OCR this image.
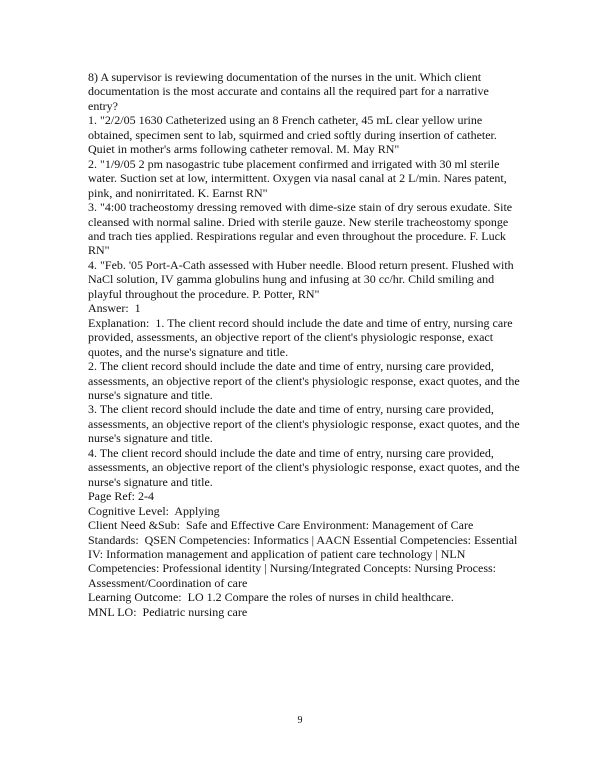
8) A supervisor is reviewing documentation of the nurses in the unit. Which client

documentation is the most accurate and contains all the required part for a narrative

entry?

1. "2/2/05 1630 Catheterized using an 8 French catheter, 45 mL clear yellow urine

obtained, specimen sent to lab, squirmed and cried softly during insertion of catheter.

Quiet in mother's arms following catheter removal. M. May RN"

2. "1/9/05 2 pm nasogastric tube placement confirmed and irrigated with 30 ml sterile

water. Suction set at low, intermittent. Oxygen via nasal canal at 2 L/min. Nares patent,

pink, and nonirritated. K. Earnst RN"

3. "4:00 tracheostomy dressing removed with dime-size stain of dry serous exudate. Site

cleansed with normal saline. Dried with sterile gauze. New sterile tracheostomy sponge

and trach ties applied. Respirations regular and even throughout the procedure. F. Luck

RN"

4. "Feb. '05 Port-A-Cath assessed with Huber needle. Blood return present. Flushed with

NaCl solution, IV gamma globulins hung and infusing at 30 cc/hr. Child smiling and

playful throughout the procedure. P. Potter, RN"

Answer:  1

Explanation:  1. The client record should include the date and time of entry, nursing care

provided, assessments, an objective report of the client's physiologic response, exact

quotes, and the nurse's signature and title.

2. The client record should include the date and time of entry, nursing care provided,

assessments, an objective report of the client's physiologic response, exact quotes, and the

nurse's signature and title.

3. The client record should include the date and time of entry, nursing care provided,

assessments, an objective report of the client's physiologic response, exact quotes, and the

nurse's signature and title.

4. The client record should include the date and time of entry, nursing care provided,

assessments, an objective report of the client's physiologic response, exact quotes, and the

nurse's signature and title.

Page Ref: 2-4

Cognitive Level:  Applying

Client Need &Sub:  Safe and Effective Care Environment: Management of Care

Standards:  QSEN Competencies: Informatics | AACN Essential Competencies: Essential

IV: Information management and application of patient care technology | NLN

Competencies: Professional identity | Nursing/Integrated Concepts: Nursing Process:

Assessment/Coordination of care

Learning Outcome:  LO 1.2 Compare the roles of nurses in child healthcare.

MNL LO:  Pediatric nursing care

9
